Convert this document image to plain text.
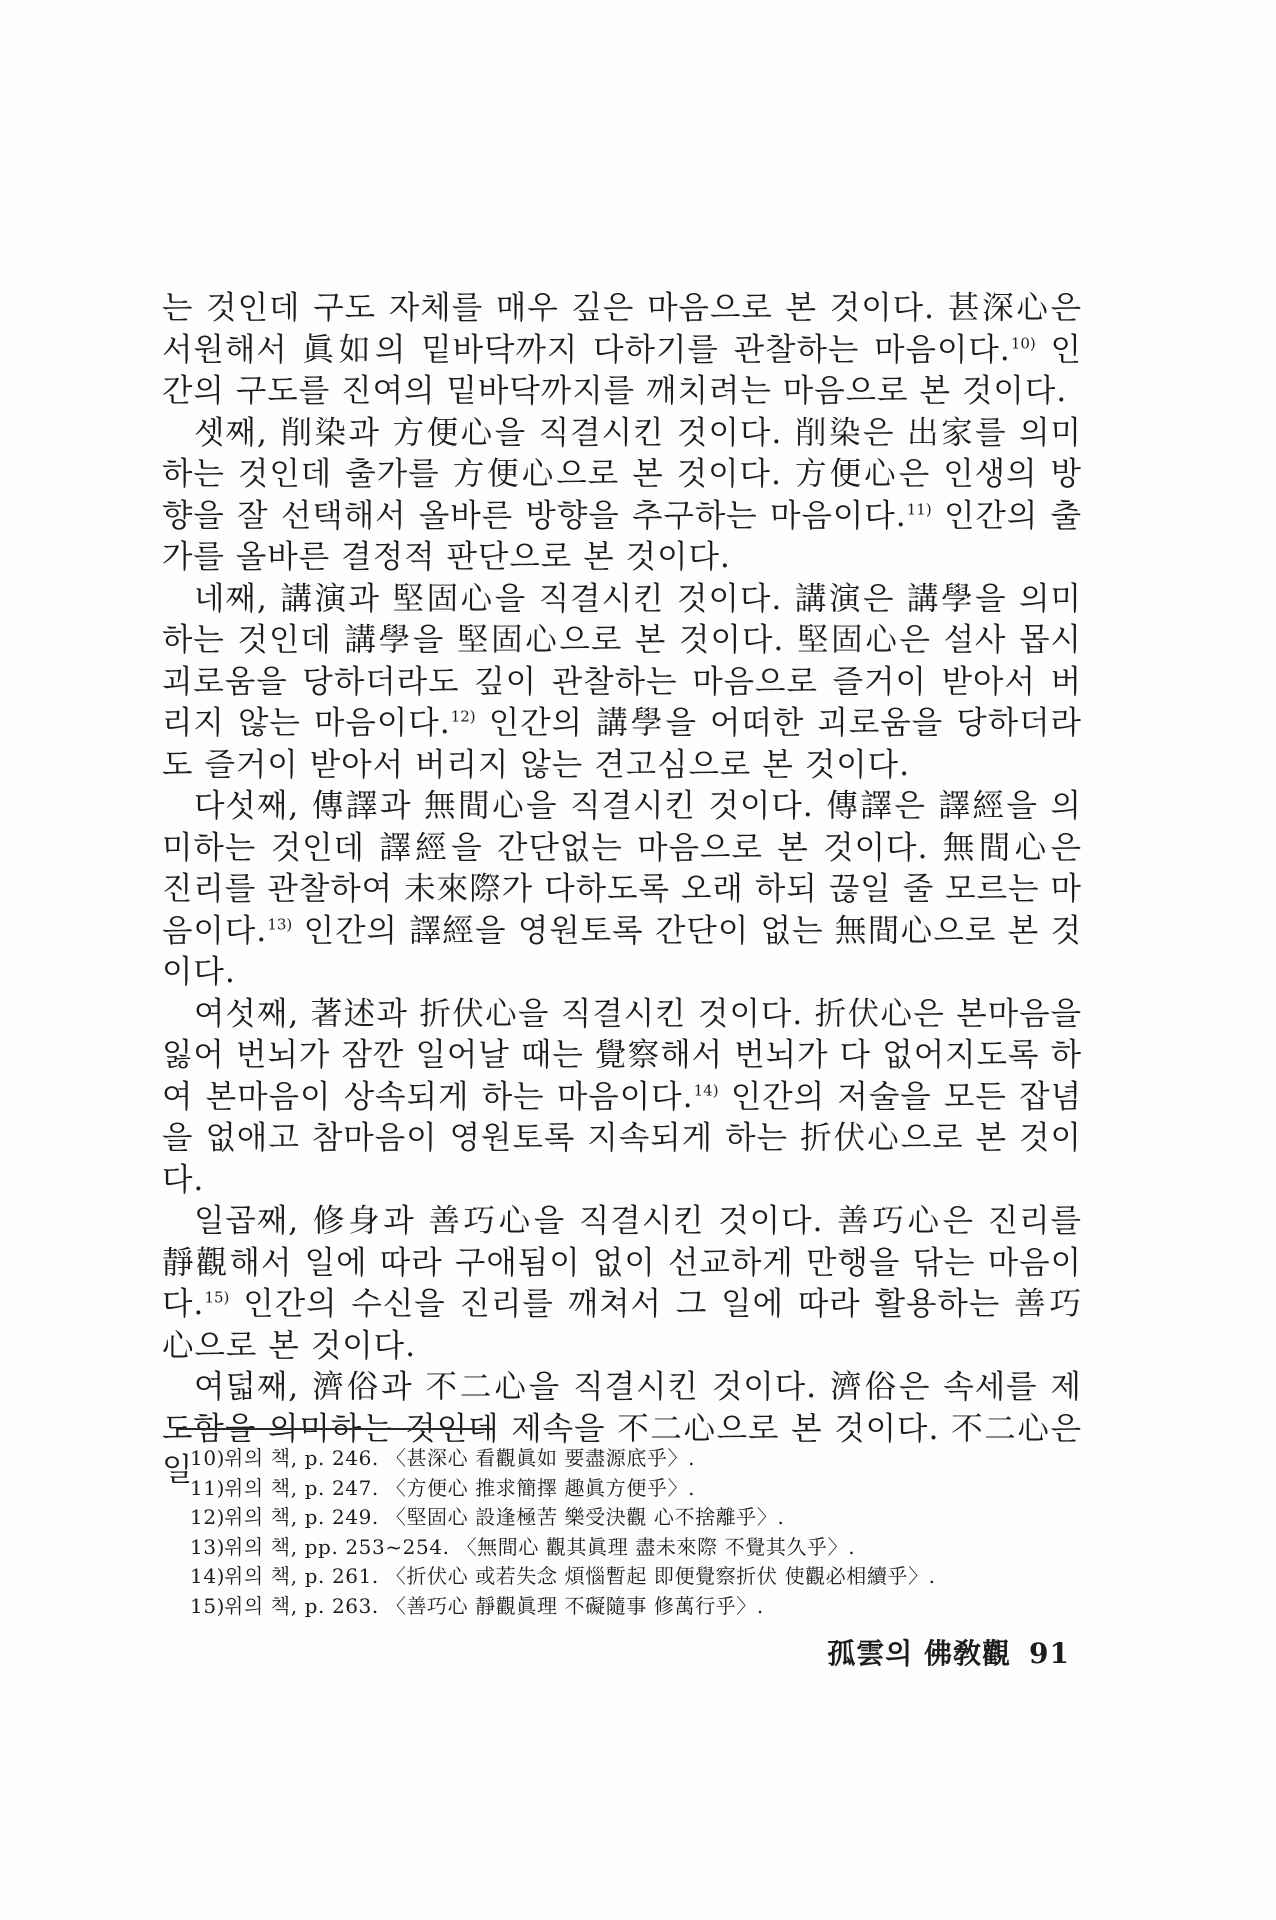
는 것인데 구도 자체를 매우 깊은 마음으로 본 것이다. 甚深心은 서원해서 眞如의 밑바닥까지 다하기를 관찰하는 마음이다.$^{10)}$ 인간의 구도를 진여의 밑바닥까지를 깨치려는 마음으로 본 것이다.

셋째, 削染과 方便心을 직결시킨 것이다. 削染은 出家를 의미하는 것인데 출가를 方便心으로 본 것이다. 方便心은 인생의 방향을 잘 선택해서 올바른 방향을 추구하는 마음이다.$^{11)}$ 인간의 출가를 올바른 결정적 판단으로 본 것이다.

네째, 講演과 堅固心을 직결시킨 것이다. 講演은 講學을 의미하는 것인데 講學을 堅固心으로 본 것이다. 堅固心은 설사 몹시 괴로움을 당하더라도 깊이 관찰하는 마음으로 즐거이 받아서 버리지 않는 마음이다.$^{12)}$ 인간의 講學을 어떠한 괴로움을 당하더라도 즐거이 받아서 버리지 않는 견고심으로 본 것이다.

다섯째, 傳譯과 無間心을 직결시킨 것이다. 傳譯은 譯經을 의미하는 것인데 譯經을 간단없는 마음으로 본 것이다. 無間心은 진리를 관찰하여 未來際가 다하도록 오래 하되 끊일 줄 모르는 마음이다.$^{13)}$ 인간의 譯經을 영원토록 간단이 없는 無間心으로 본 것이다.

여섯째, 著述과 折伏心을 직결시킨 것이다. 折伏心은 본마음을 잃어 번뇌가 잠깐 일어날 때는 覺察해서 번뇌가 다 없어지도록 하여 본마음이 상속되게 하는 마음이다.$^{14)}$ 인간의 저술을 모든 잡념을 없애고 참마음이 영원토록 지속되게 하는 折伏心으로 본 것이다.

일곱째, 修身과 善巧心을 직결시킨 것이다. 善巧心은 진리를 靜觀해서 일에 따라 구애됨이 없이 선교하게 만행을 닦는 마음이다.$^{15)}$ 인간의 수신을 진리를 깨쳐서 그 일에 따라 활용하는 善巧心으로 본 것이다.

여덟째, 濟俗과 不二心을 직결시킨 것이다. 濟俗은 속세를 제도함을 의미하는 것인데 제속을 不二心으로 본 것이다. 不二心은 일

10)위의 책, p. 246. 〈甚深心 看觀眞如 要盡源底乎〉.
11)위의 책, p. 247. 〈方便心 推求簡擇 趣眞方便乎〉.
12)위의 책, p. 249. 〈堅固心 設逢極苦 樂受決觀 心不捨離乎〉.
13)위의 책, pp. 253~254. 〈無間心 觀其眞理 盡未來際 不覺其久乎〉.
14)위의 책, p. 261. 〈折伏心 或若失念 煩惱暫起 即便覺察折伏 使觀必相續乎〉.
15)위의 책, p. 263. 〈善巧心 靜觀眞理 不礙隨事 修萬行乎〉.
孤雲의 佛敎觀 91
